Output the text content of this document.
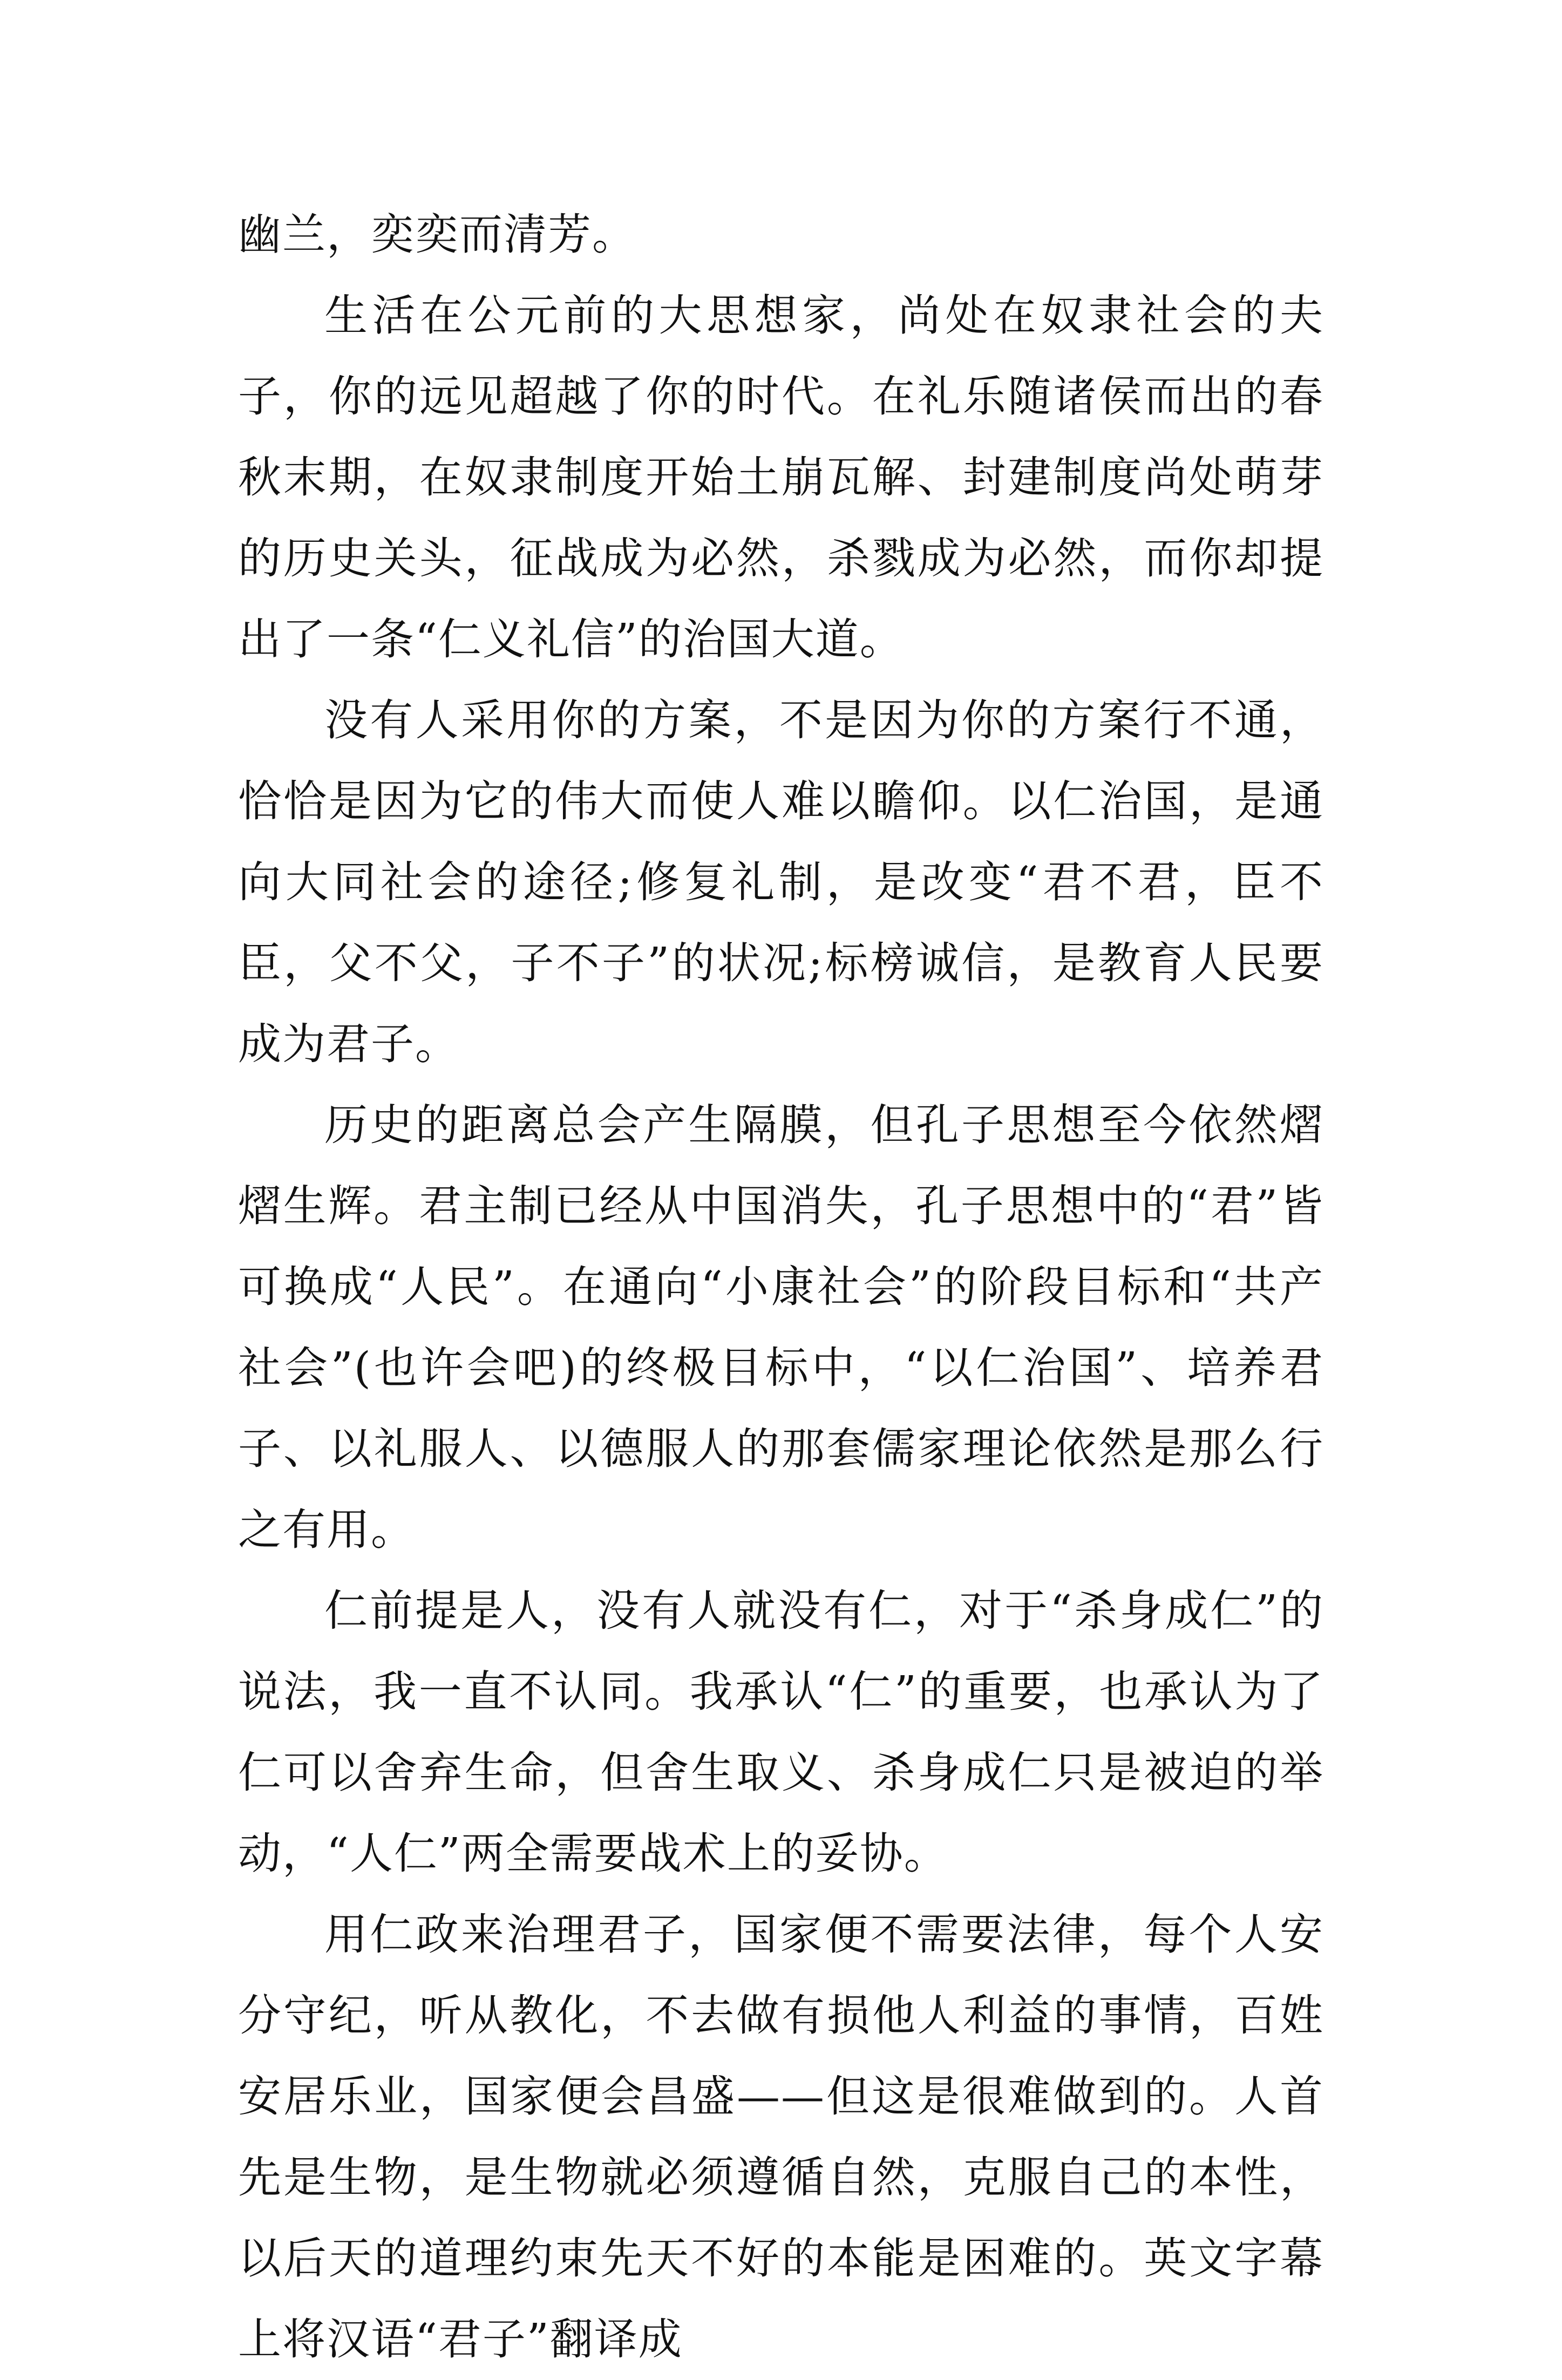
幽兰，奕奕而清芳。

生活在公元前的大思想家，尚处在奴隶社会的夫子，你的远见超越了你的时代。在礼乐随诸侯而出的春秋末期，在奴隶制度开始土崩瓦解、封建制度尚处萌芽的历史关头，征战成为必然，杀戮成为必然，而你却提出了一条“仁义礼信”的治国大道。

没有人采用你的方案，不是因为你的方案行不通，恰恰是因为它的伟大而使人难以瞻仰。以仁治国，是通向大同社会的途径;修复礼制，是改变“君不君，臣不臣，父不父，子不子”的状况;标榜诚信，是教育人民要成为君子。

历史的距离总会产生隔膜，但孔子思想至今依然熠熠生辉。君主制已经从中国消失，孔子思想中的“君”皆可换成“人民”。在通向“小康社会”的阶段目标和“共产社会”(也许会吧)的终极目标中，“以仁治国”、培养君子、以礼服人、以德服人的那套儒家理论依然是那么行之有用。

仁前提是人，没有人就没有仁，对于“杀身成仁”的说法，我一直不认同。我承认“仁”的重要，也承认为了仁可以舍弃生命，但舍生取义、杀身成仁只是被迫的举动，“人仁”两全需要战术上的妥协。

用仁政来治理君子，国家便不需要法律，每个人安分守纪，听从教化，不去做有损他人利益的事情，百姓安居乐业，国家便会昌盛——但这是很难做到的。人首先是生物，是生物就必须遵循自然，克服自己的本性，以后天的道理约束先天不好的本能是困难的。英文字幕上将汉语“君子”翻译成
